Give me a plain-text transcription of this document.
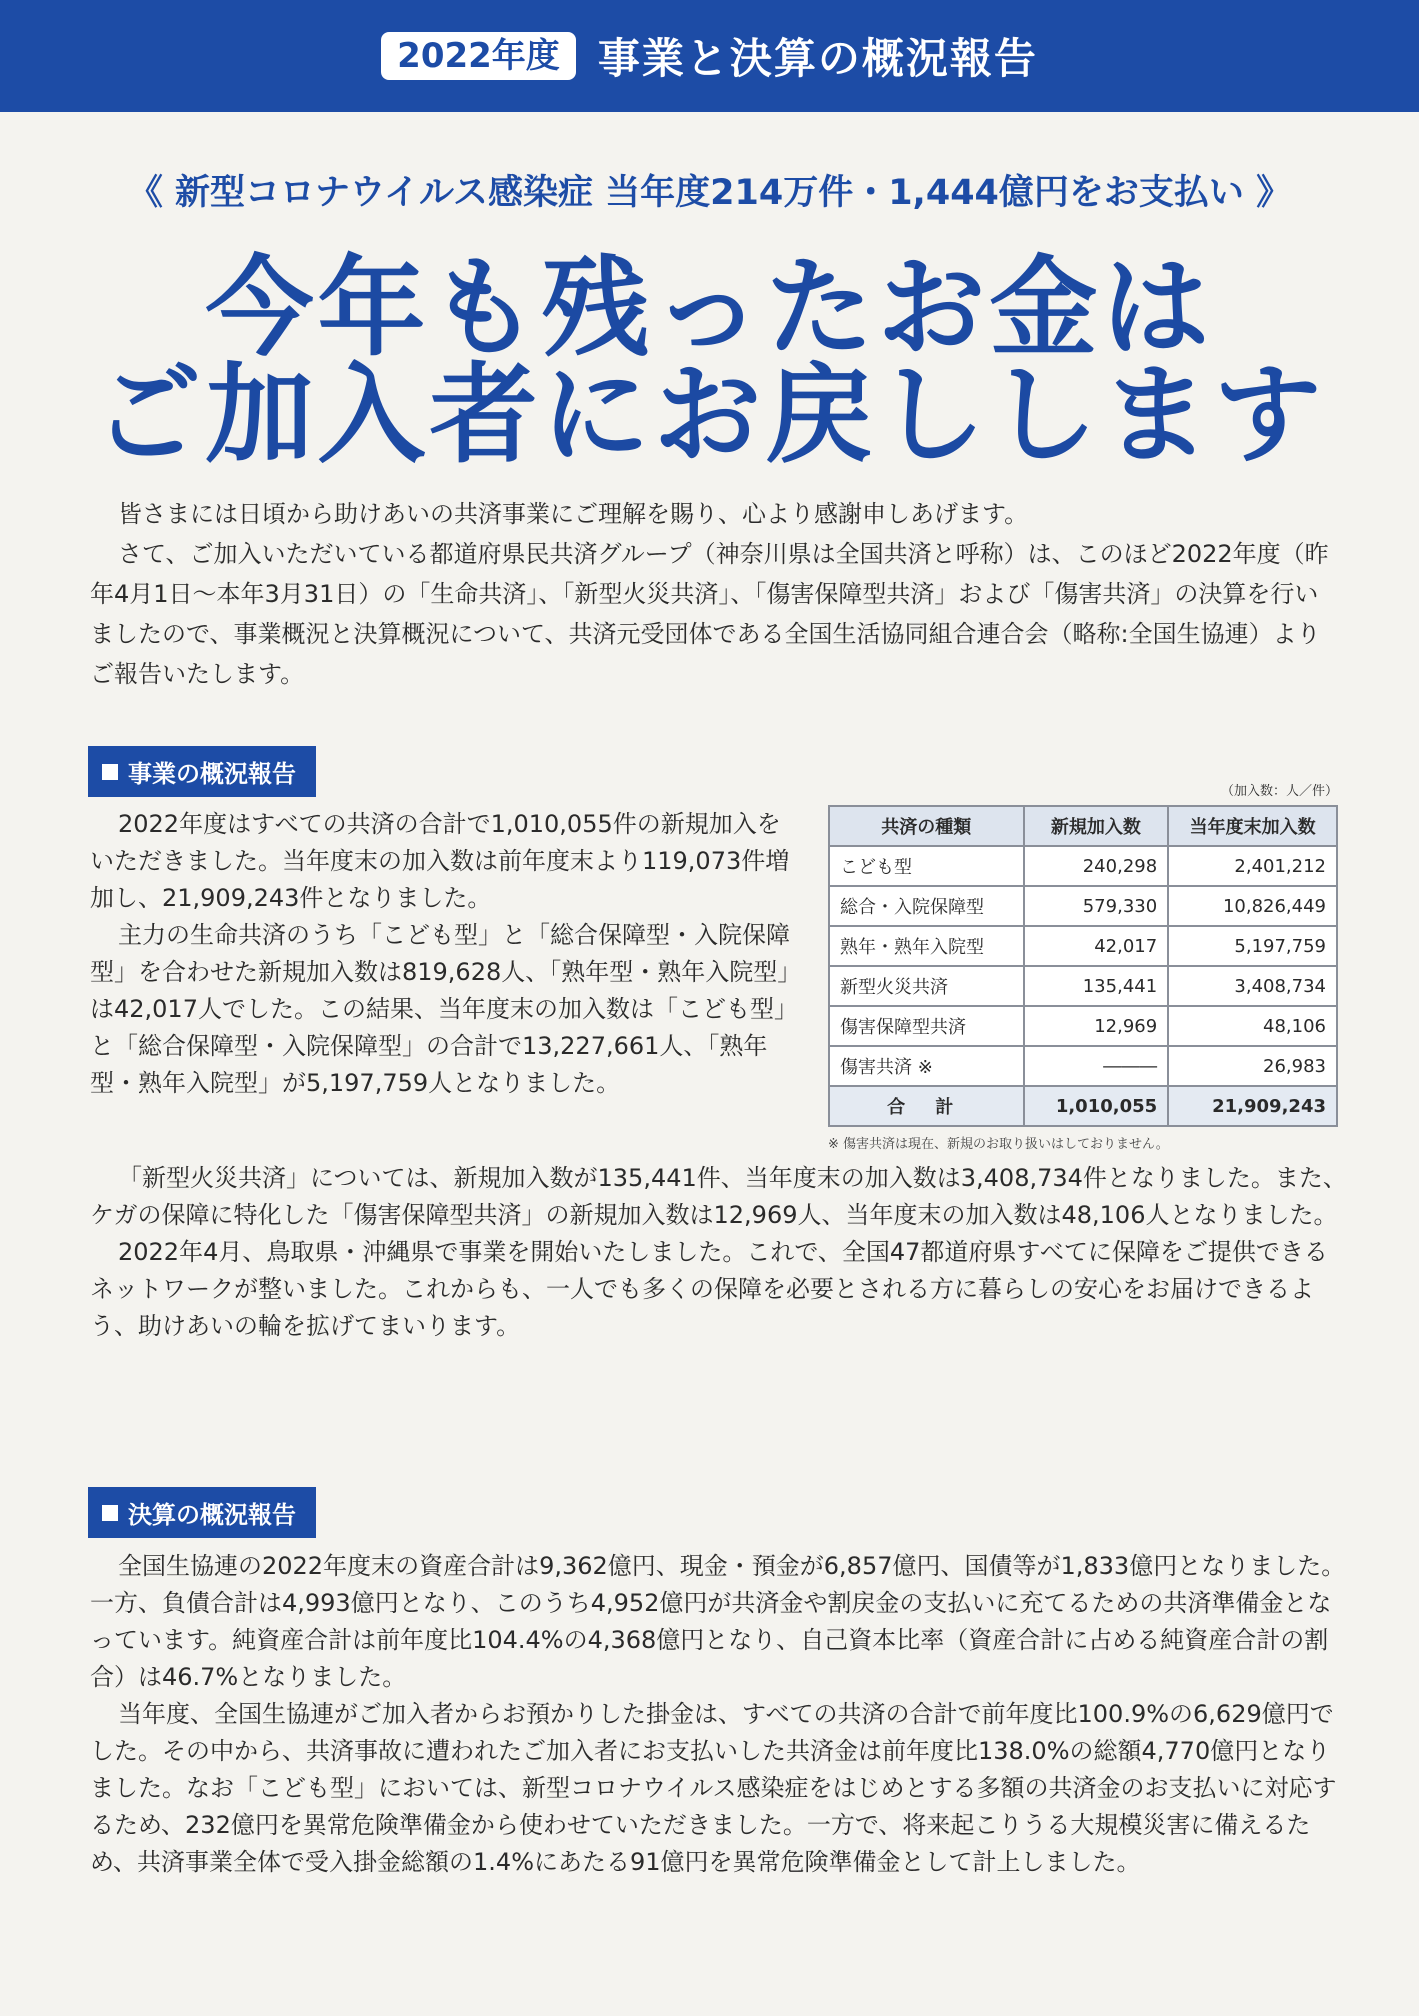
2022年度 事業と決算の概況報告
《 新型コロナウイルス感染症 当年度214万件・1,444億円をお支払い 》
今年も残ったお金は
ご加入者にお戻しします

皆さまには日頃から助けあいの共済事業にご理解を賜り、心より感謝申しあげます。

さて、ご加入いただいている都道府県民共済グループ（神奈川県は全国共済と呼称）は、このほど2022年度（昨年4月1日～本年3月31日）の「生命共済」、「新型火災共済」、「傷害保障型共済」および「傷害共済」の決算を行いましたので、事業概況と決算概況について、共済元受団体である全国生活協同組合連合会（略称:全国生協連）よりご報告いたします。

事業の概況報告

2022年度はすべての共済の合計で1,010,055件の新規加入をいただきました。当年度末の加入数は前年度末より119,073件増加し、21,909,243件となりました。

主力の生命共済のうち「こども型」と「総合保障型・入院保障型」を合わせた新規加入数は819,628人、「熟年型・熟年入院型」は42,017人でした。この結果、当年度末の加入数は「こども型」と「総合保障型・入院保障型」の合計で13,227,661人、「熟年型・熟年入院型」が5,197,759人となりました。

（加入数：人／件）
共済の種類	新規加入数	当年度末加入数
こども型	240,298	2,401,212
総合・入院保障型	579,330	10,826,449
熟年・熟年入院型	42,017	5,197,759
新型火災共済	135,441	3,408,734
傷害保障型共済	12,969	48,106
傷害共済 ※	―――	26,983
合 計	1,010,055	21,909,243
※ 傷害共済は現在、新規のお取り扱いはしておりません。

「新型火災共済」については、新規加入数が135,441件、当年度末の加入数は3,408,734件となりました。また、ケガの保障に特化した「傷害保障型共済」の新規加入数は12,969人、当年度末の加入数は48,106人となりました。

2022年4月、鳥取県・沖縄県で事業を開始いたしました。これで、全国47都道府県すべてに保障をご提供できるネットワークが整いました。これからも、一人でも多くの保障を必要とされる方に暮らしの安心をお届けできるよう、助けあいの輪を拡げてまいります。

決算の概況報告

全国生協連の2022年度末の資産合計は9,362億円、現金・預金が6,857億円、国債等が1,833億円となりました。一方、負債合計は4,993億円となり、このうち4,952億円が共済金や割戻金の支払いに充てるための共済準備金となっています。純資産合計は前年度比104.4%の4,368億円となり、自己資本比率（資産合計に占める純資産合計の割合）は46.7%となりました。

当年度、全国生協連がご加入者からお預かりした掛金は、すべての共済の合計で前年度比100.9%の6,629億円でした。その中から、共済事故に遭われたご加入者にお支払いした共済金は前年度比138.0%の総額4,770億円となりました。なお「こども型」においては、新型コロナウイルス感染症をはじめとする多額の共済金のお支払いに対応するため、232億円を異常危険準備金から使わせていただきました。一方で、将来起こりうる大規模災害に備えるため、共済事業全体で受入掛金総額の1.4%にあたる91億円を異常危険準備金として計上しました。
